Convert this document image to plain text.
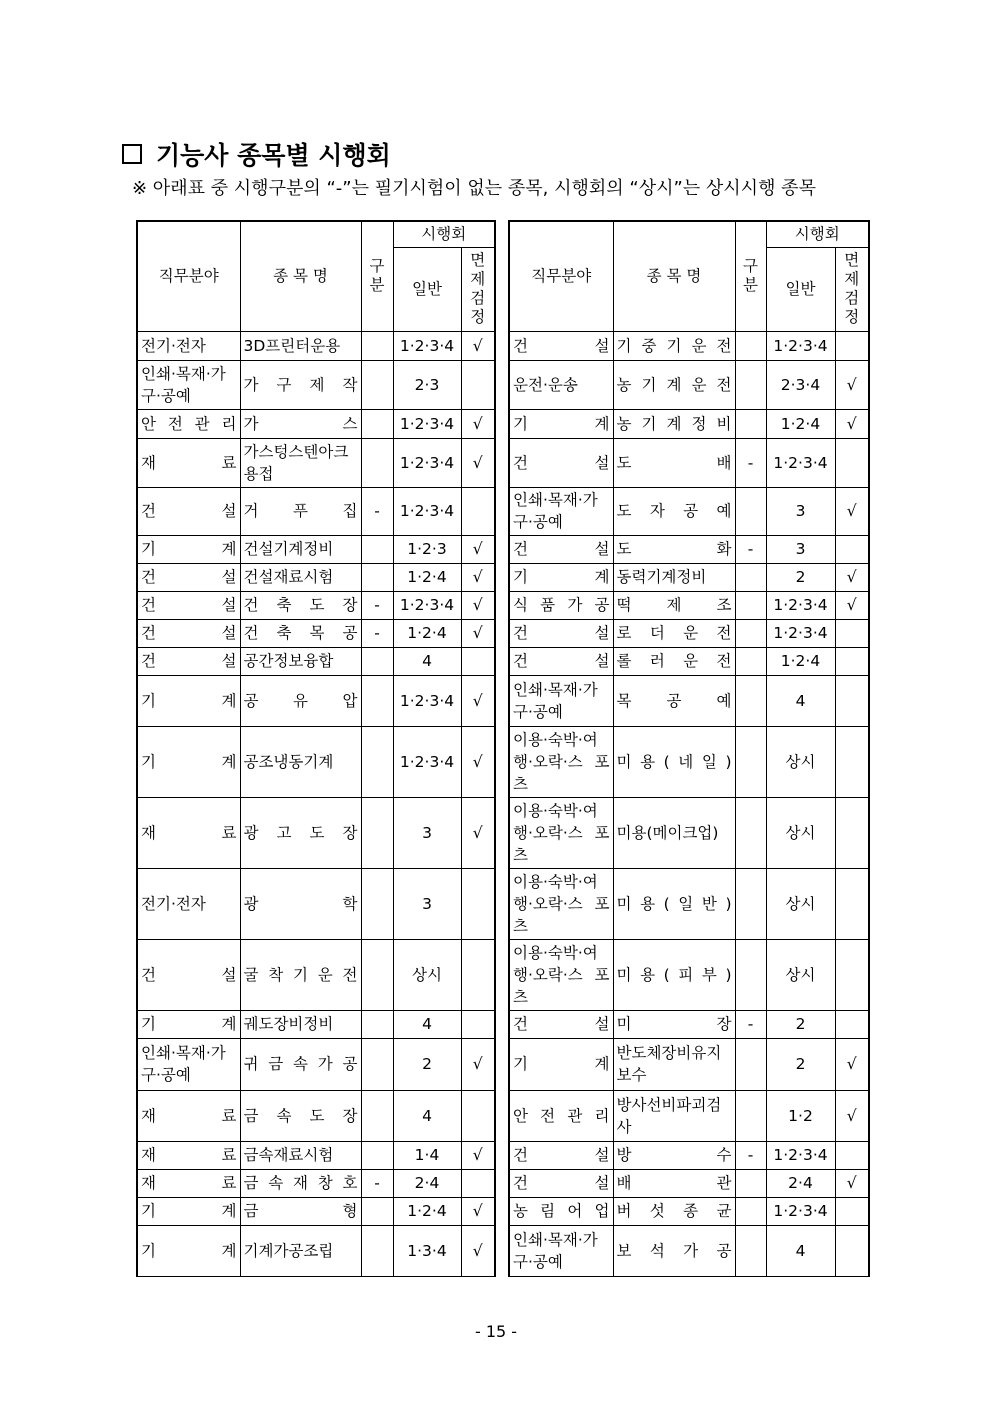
기능사 종목별 시행회
※ 아래표 중 시행구분의 “-”는 필기시험이 없는 종목, 시행회의 “상시”는 상시시행 종목
직무분야	종 목 명	구분	시행회	
			일반	면제검정
전기·전자	3D프린터운용		1·2·3·4	√
인쇄·목재·가구·공예	가 구 제 작		2·3	
안 전 관 리	가 스		1·2·3·4	√
재 료	가스텅스텐아크용접		1·2·3·4	√
건 설	거 푸 집	-	1·2·3·4	
기 계	건설기계정비		1·2·3	√
건 설	건설재료시험		1·2·4	√
건 설	건 축 도 장	-	1·2·3·4	√
건 설	건 축 목 공	-	1·2·4	√
건 설	공간정보융합		4	
기 계	공 유 압		1·2·3·4	√
기 계	공조냉동기계		1·2·3·4	√
재 료	광 고 도 장		3	√
전기·전자	광 학		3	
건 설	굴 착 기 운 전		상시	
기 계	궤도장비정비		4	
인쇄·목재·가구·공예	귀 금 속 가 공		2	√
재 료	금 속 도 장		4	
재 료	금속재료시험		1·4	√
재 료	금 속 재 창 호	-	2·4	
기 계	금 형		1·2·4	√
기 계	기계가공조립		1·3·4	√
직무분야	종 목 명	구분	시행회	
			일반	면제검정
건 설	기 중 기 운 전		1·2·3·4	
운전·운송	농 기 계 운 전		2·3·4	√
기 계	농 기 계 정 비		1·2·4	√
건 설	도 배	-	1·2·3·4	
인쇄·목재·가구·공예	도 자 공 예		3	√
건 설	도 화	-	3	
기 계	동력기계정비		2	√
식 품 가 공	떡 제 조		1·2·3·4	√
건 설	로 더 운 전		1·2·3·4	
건 설	롤 러 운 전		1·2·4	
인쇄·목재·가구·공예	목 공 예		4	
이용·숙박·여행·오락·스 포 츠	미 용 ( 네 일 )		상시	
이용·숙박·여행·오락·스 포 츠	미용(메이크업)		상시	
이용·숙박·여행·오락·스 포 츠	미 용 ( 일 반 )		상시	
이용·숙박·여행·오락·스 포 츠	미 용 ( 피 부 )		상시	
건 설	미 장	-	2	
기 계	반도체장비유지보수		2	√
안 전 관 리	방사선비파괴검사		1·2	√
건 설	방 수	-	1·2·3·4	
건 설	배 관		2·4	√
농 림 어 업	버 섯 종 균		1·2·3·4	
인쇄·목재·가구·공예	보 석 가 공		4	
- 15 -
